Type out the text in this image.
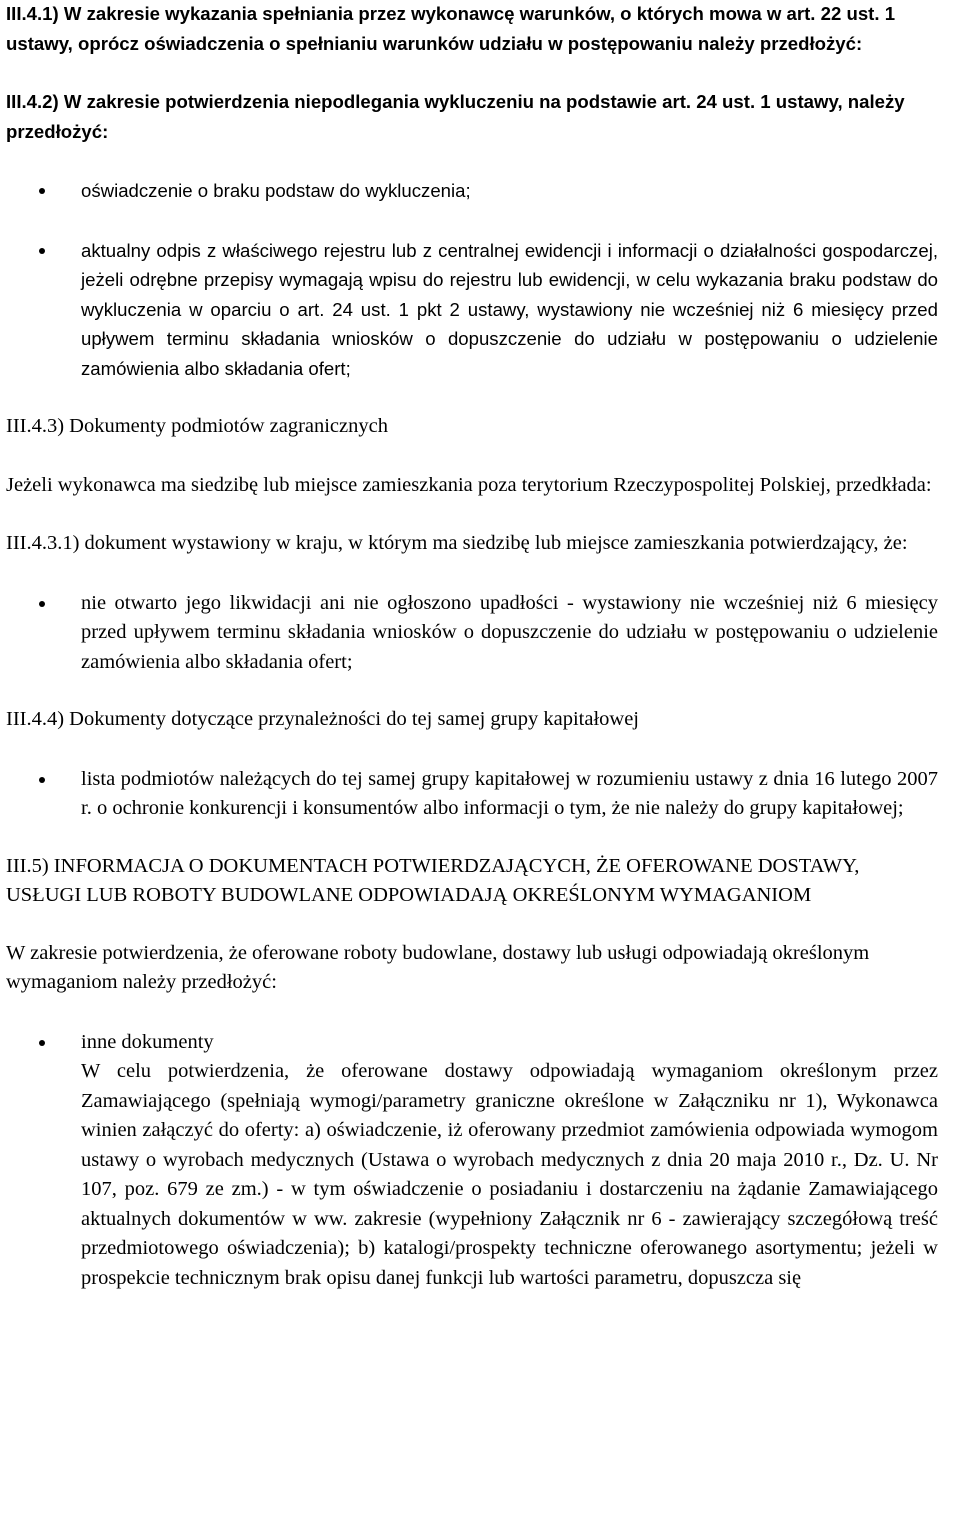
III.4.1) W zakresie wykazania spełniania przez wykonawcę warunków, o których mowa w art. 22 ust. 1 ustawy, oprócz oświadczenia o spełnianiu warunków udziału w postępowaniu należy przedłożyć:

III.4.2) W zakresie potwierdzenia niepodlegania wykluczeniu na podstawie art. 24 ust. 1 ustawy, należy przedłożyć:

oświadczenie o braku podstaw do wykluczenia;
aktualny odpis z właściwego rejestru lub z centralnej ewidencji i informacji o działalności gospodarczej, jeżeli odrębne przepisy wymagają wpisu do rejestru lub ewidencji, w celu wykazania braku podstaw do wykluczenia w oparciu o art. 24 ust. 1 pkt 2 ustawy, wystawiony nie wcześniej niż 6 miesięcy przed upływem terminu składania wniosków o dopuszczenie do udziału w postępowaniu o udzielenie zamówienia albo składania ofert;

III.4.3) Dokumenty podmiotów zagranicznych

Jeżeli wykonawca ma siedzibę lub miejsce zamieszkania poza terytorium Rzeczypospolitej Polskiej, przedkłada:

III.4.3.1) dokument wystawiony w kraju, w którym ma siedzibę lub miejsce zamieszkania potwierdzający, że:

nie otwarto jego likwidacji ani nie ogłoszono upadłości - wystawiony nie wcześniej niż 6 miesięcy przed upływem terminu składania wniosków o dopuszczenie do udziału w postępowaniu o udzielenie zamówienia albo składania ofert;

III.4.4) Dokumenty dotyczące przynależności do tej samej grupy kapitałowej

lista podmiotów należących do tej samej grupy kapitałowej w rozumieniu ustawy z dnia 16 lutego 2007 r. o ochronie konkurencji i konsumentów albo informacji o tym, że nie należy do grupy kapitałowej;

III.5) INFORMACJA O DOKUMENTACH POTWIERDZAJĄCYCH, ŻE OFEROWANE DOSTAWY, USŁUGI LUB ROBOTY BUDOWLANE ODPOWIADAJĄ OKREŚLONYM WYMAGANIOM

W zakresie potwierdzenia, że oferowane roboty budowlane, dostawy lub usługi odpowiadają określonym wymaganiom należy przedłożyć:

inne dokumenty
W celu potwierdzenia, że oferowane dostawy odpowiadają wymaganiom określonym przez Zamawiającego (spełniają wymogi/parametry graniczne określone w Załączniku nr 1), Wykonawca winien załączyć do oferty: a) oświadczenie, iż oferowany przedmiot zamówienia odpowiada wymogom ustawy o wyrobach medycznych (Ustawa o wyrobach medycznych z dnia 20 maja 2010 r., Dz. U. Nr 107, poz. 679 ze zm.) - w tym oświadczenie o posiadaniu i dostarczeniu na żądanie Zamawiającego aktualnych dokumentów w ww. zakresie (wypełniony Załącznik nr 6 - zawierający szczegółową treść przedmiotowego oświadczenia); b) katalogi/prospekty techniczne oferowanego asortymentu; jeżeli w prospekcie technicznym brak opisu danej funkcji lub wartości parametru, dopuszcza się
